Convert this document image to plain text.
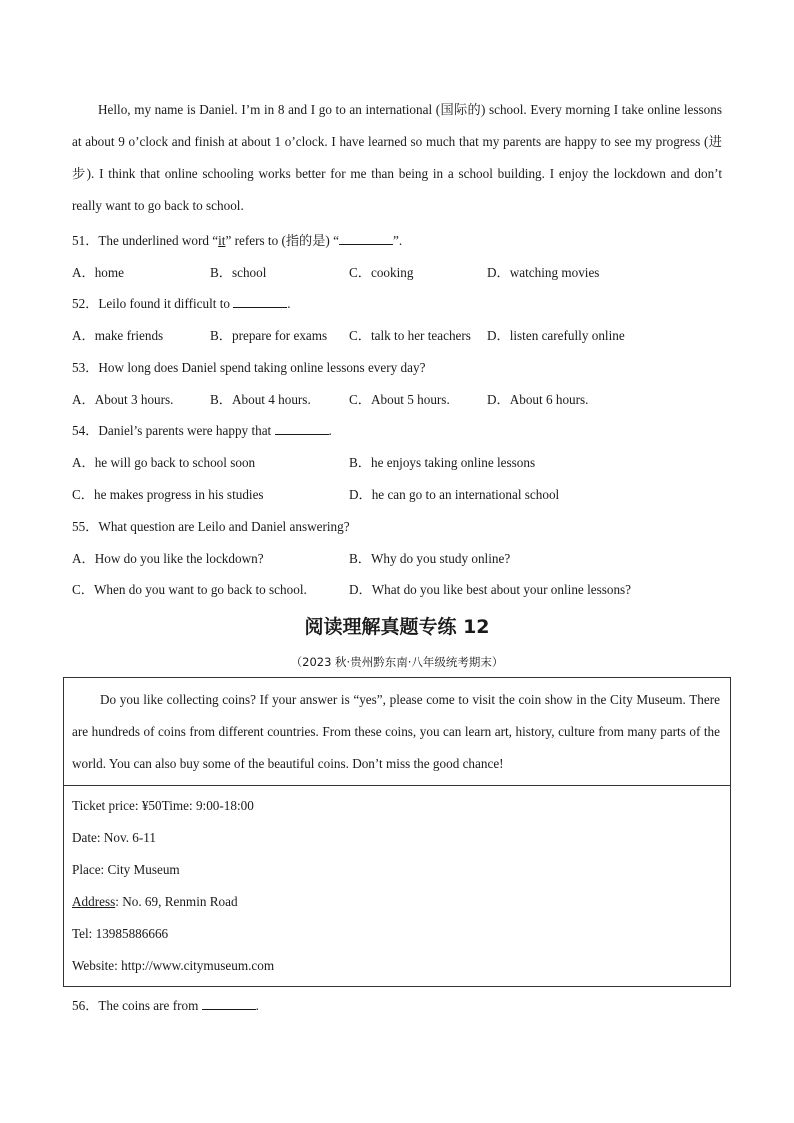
Hello, my name is Daniel. I’m in 8 and I go to an international (国际的) school. Every morning I take online lessons at about 9 o’clock and finish at about 1 o’clock. I have learned so much that my parents are happy to see my progress (进步). I think that online schooling works better for me than being in a school building. I enjoy the lockdown and don’t really want to go back to school.
51．The underlined word “it” refers to (指的是) “	”.
A．home	B．school	C．cooking	D．watching movies
52．Leilo found it difficult to	.
A．make friends	B．prepare for exams C．talk to her teachers D．listen carefully online
53．How long does Daniel spend taking online lessons every day?
A．About 3 hours.	B．About 4 hours.	C．About 5 hours.	D．About 6 hours.
54．Daniel’s parents were happy that	.
A．he will go back to school soon	B．he enjoys taking online lessons
C．he makes progress in his studies	D．he can go to an international school
55．What question are Leilo and Daniel answering?
A．How do you like the lockdown?	B．Why do you study online?
C．When do you want to go back to school.	D．What do you like best about your online lessons?
阅读理解真题专练 12
（2023 秋·贵州黔东南·八年级统考期末）
Do you like collecting coins? If your answer is “yes”, please come to visit the coin show in the City Museum. There are hundreds of coins from different countries. From these coins, you can learn art, history, culture from many parts of the world. You can also buy some of the beautiful coins. Don’t miss the good chance!
Ticket price: ¥50Time: 9:00-18:00
Date: Nov. 6-11
Place: City Museum
Address: No. 69, Renmin Road
Tel: 13985886666
Website: http://www.citymuseum.com
56．The coins are from	.
